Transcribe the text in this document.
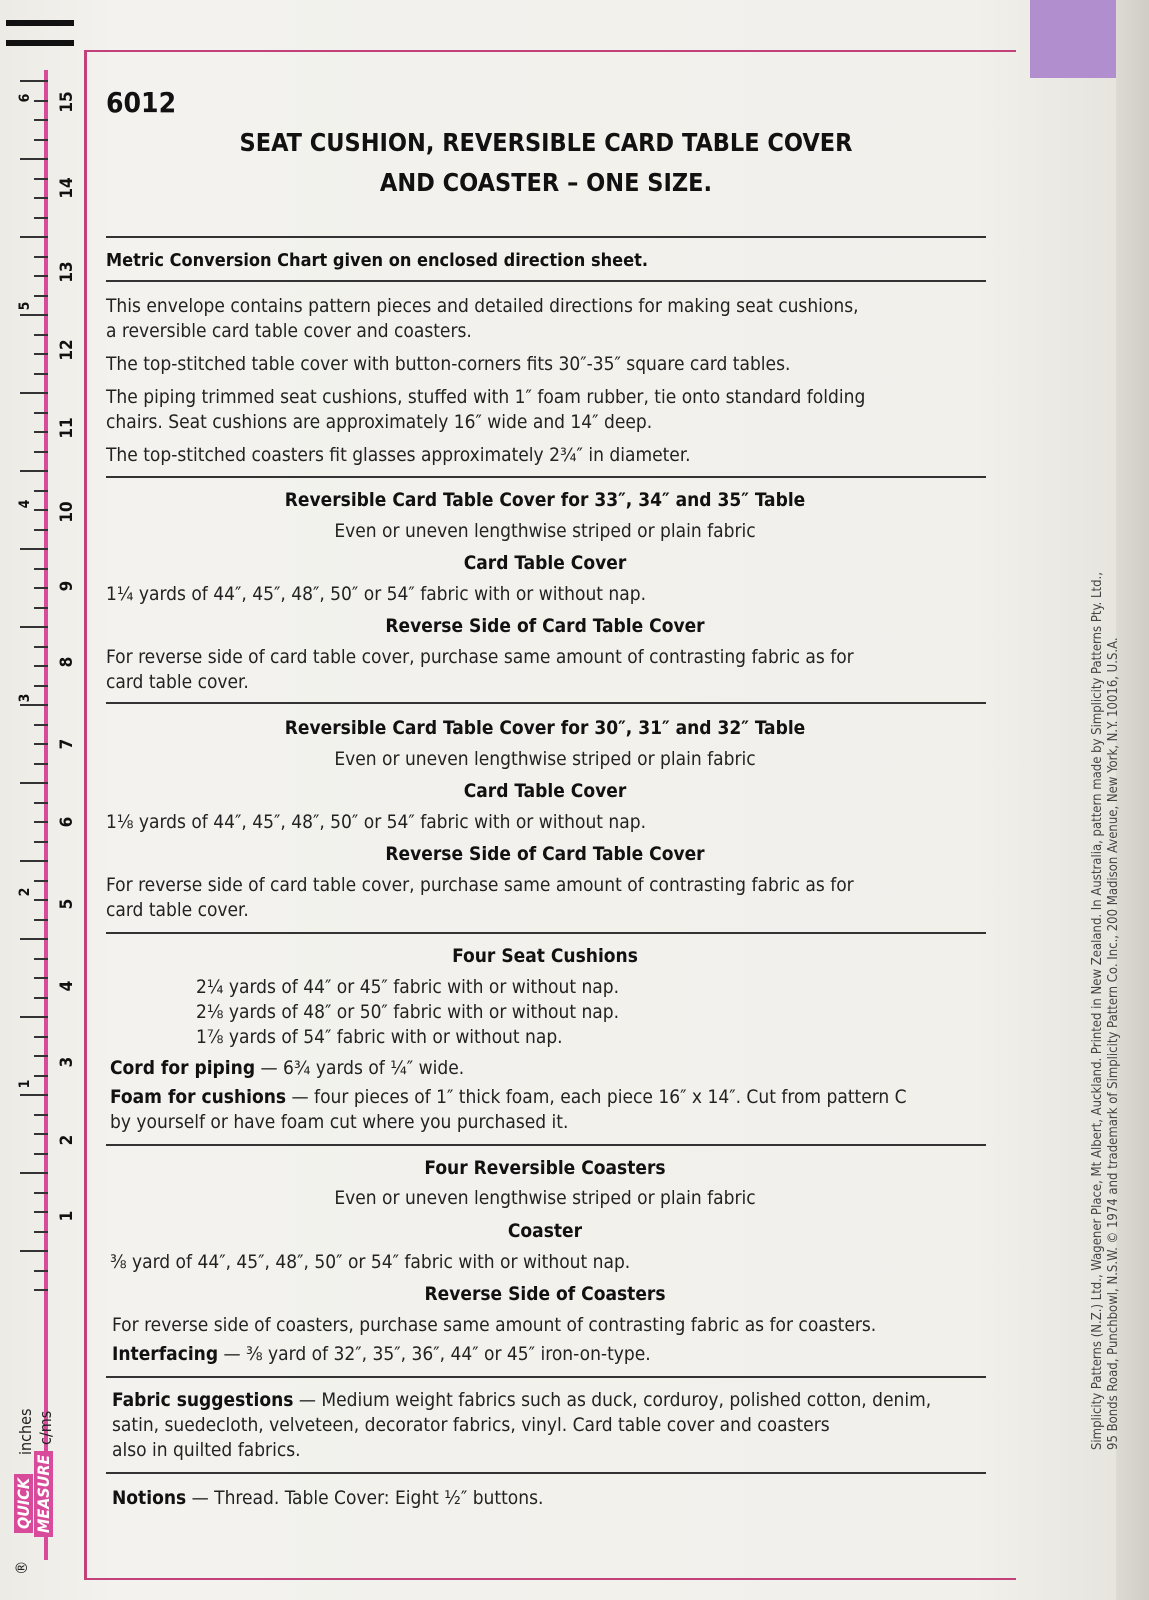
15
14
13
12
11
10
9
8
7
6
5
4
3
2
1
6
5
4
3
2
1
®
QUICK MEASURE
inches c/ms
6012
SEAT CUSHION, REVERSIBLE CARD TABLE COVER
AND COASTER – ONE SIZE.
Metric Conversion Chart given on enclosed direction sheet.
This envelope contains pattern pieces and detailed directions for making seat cushions,
a reversible card table cover and coasters.
The top-stitched table cover with button-corners fits 30″-35″ square card tables.
The piping trimmed seat cushions, stuffed with 1″ foam rubber, tie onto standard folding
chairs. Seat cushions are approximately 16″ wide and 14″ deep.
The top-stitched coasters fit glasses approximately 2¾″ in diameter.
Reversible Card Table Cover for 33″, 34″ and 35″ Table
Even or uneven lengthwise striped or plain fabric
Card Table Cover
1¼ yards of 44″, 45″, 48″, 50″ or 54″ fabric with or without nap.
Reverse Side of Card Table Cover
For reverse side of card table cover, purchase same amount of contrasting fabric as for
card table cover.
Reversible Card Table Cover for 30″, 31″ and 32″ Table
Even or uneven lengthwise striped or plain fabric
Card Table Cover
1⅛ yards of 44″, 45″, 48″, 50″ or 54″ fabric with or without nap.
Reverse Side of Card Table Cover
For reverse side of card table cover, purchase same amount of contrasting fabric as for
card table cover.
Four Seat Cushions
2¼ yards of 44″ or 45″ fabric with or without nap.
2⅛ yards of 48″ or 50″ fabric with or without nap.
1⅞ yards of 54″ fabric with or without nap.
Cord for piping — 6¾ yards of ¼″ wide.
Foam for cushions — four pieces of 1″ thick foam, each piece 16″ x 14″. Cut from pattern C
by yourself or have foam cut where you purchased it.
Four Reversible Coasters
Even or uneven lengthwise striped or plain fabric
Coaster
⅜ yard of 44″, 45″, 48″, 50″ or 54″ fabric with or without nap.
Reverse Side of Coasters
For reverse side of coasters, purchase same amount of contrasting fabric as for coasters.
Interfacing — ⅜ yard of 32″, 35″, 36″, 44″ or 45″ iron-on-type.
Fabric suggestions — Medium weight fabrics such as duck, corduroy, polished cotton, denim,
satin, suedecloth, velveteen, decorator fabrics, vinyl. Card table cover and coasters
also in quilted fabrics.
Notions — Thread. Table Cover: Eight ½″ buttons.
Simplicity Patterns (N.Z.) Ltd., Wagener Place, Mt Albert, Auckland. Printed in New Zealand. In Australia, pattern made by Simplicity Patterns Pty. Ltd., 95 Bonds Road, Punchbowl, N.S.W. © 1974 and trademark of Simplicity Pattern Co. Inc., 200 Madison Avenue, New York, N.Y. 10016, U.S.A.
